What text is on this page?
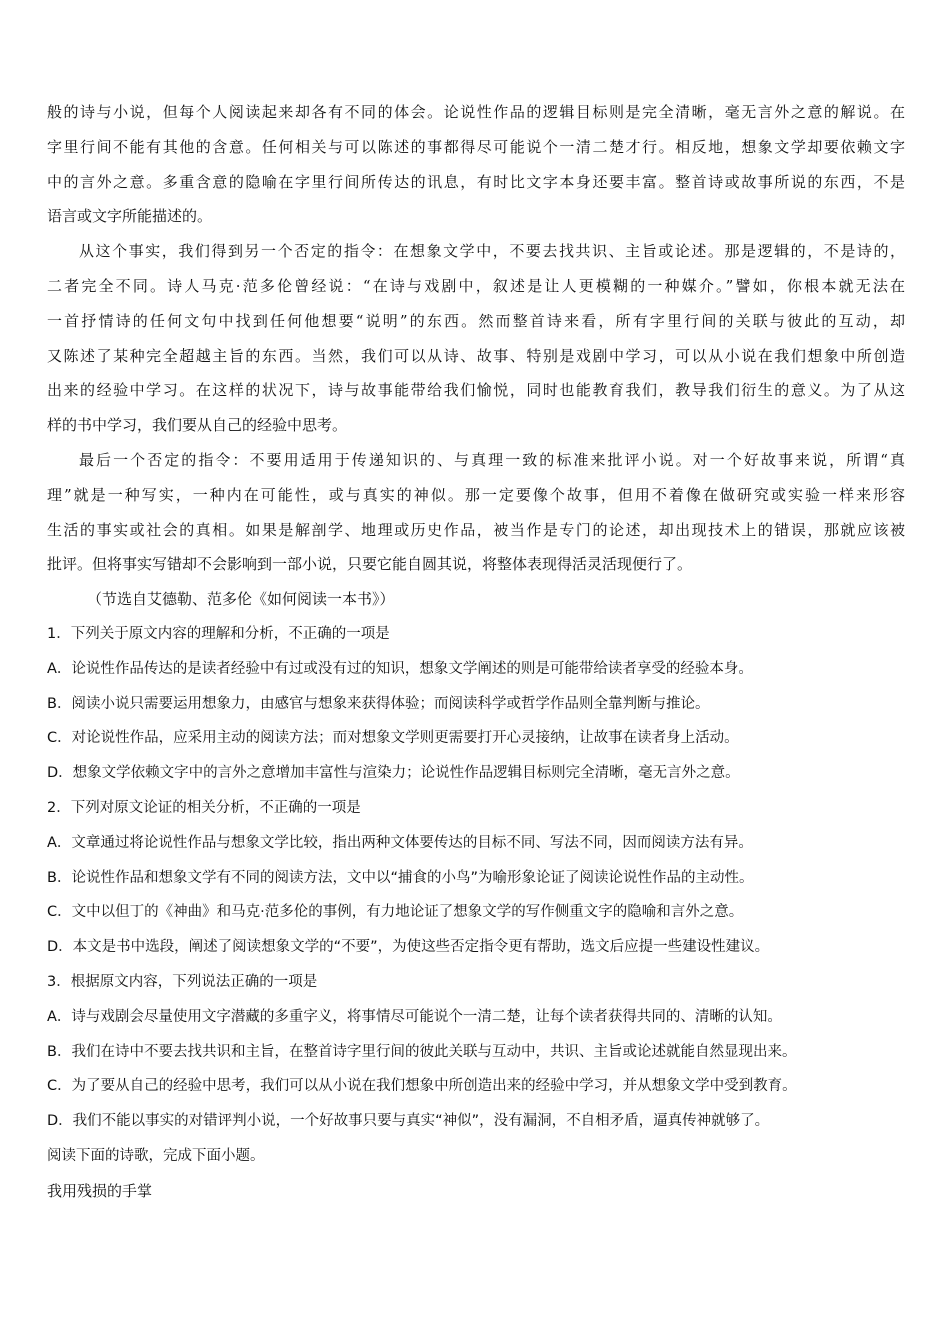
般的诗与小说，但每个人阅读起来却各有不同的体会。论说性作品的逻辑目标则是完全清晰，毫无言外之意的解说。在
字里行间不能有其他的含意。任何相关与可以陈述的事都得尽可能说个一清二楚才行。相反地，想象文学却要依赖文字
中的言外之意。多重含意的隐喻在字里行间所传达的讯息，有时比文字本身还要丰富。整首诗或故事所说的东西，不是
语言或文字所能描述的。
从这个事实，我们得到另一个否定的指令：在想象文学中，不要去找共识、主旨或论述。那是逻辑的，不是诗的，
二者完全不同。诗人马克·范多伦曾经说：“在诗与戏剧中，叙述是让人更模糊的一种媒介。”譬如，你根本就无法在
一首抒情诗的任何文句中找到任何他想要“说明”的东西。然而整首诗来看，所有字里行间的关联与彼此的互动，却
又陈述了某种完全超越主旨的东西。当然，我们可以从诗、故事、特别是戏剧中学习，可以从小说在我们想象中所创造
出来的经验中学习。在这样的状况下，诗与故事能带给我们愉悦，同时也能教育我们，教导我们衍生的意义。为了从这
样的书中学习，我们要从自己的经验中思考。
最后一个否定的指令：不要用适用于传递知识的、与真理一致的标准来批评小说。对一个好故事来说，所谓“真
理”就是一种写实，一种内在可能性，或与真实的神似。那一定要像个故事，但用不着像在做研究或实验一样来形容
生活的事实或社会的真相。如果是解剖学、地理或历史作品，被当作是专门的论述，却出现技术上的错误，那就应该被
批评。但将事实写错却不会影响到一部小说，只要它能自圆其说，将整体表现得活灵活现便行了。
（节选自艾德勒、范多伦《如何阅读一本书》）
1．下列关于原文内容的理解和分析，不正确的一项是
A．论说性作品传达的是读者经验中有过或没有过的知识，想象文学阐述的则是可能带给读者享受的经验本身。
B．阅读小说只需要运用想象力，由感官与想象来获得体验；而阅读科学或哲学作品则全靠判断与推论。
C．对论说性作品，应采用主动的阅读方法；而对想象文学则更需要打开心灵接纳，让故事在读者身上活动。
D．想象文学依赖文字中的言外之意增加丰富性与渲染力；论说性作品逻辑目标则完全清晰，毫无言外之意。
2．下列对原文论证的相关分析，不正确的一项是
A．文章通过将论说性作品与想象文学比较，指出两种文体要传达的目标不同、写法不同，因而阅读方法有异。
B．论说性作品和想象文学有不同的阅读方法，文中以“捕食的小鸟”为喻形象论证了阅读论说性作品的主动性。
C．文中以但丁的《神曲》和马克·范多伦的事例，有力地论证了想象文学的写作侧重文字的隐喻和言外之意。
D．本文是书中选段，阐述了阅读想象文学的“不要”，为使这些否定指令更有帮助，选文后应提一些建设性建议。
3．根据原文内容，下列说法正确的一项是
A．诗与戏剧会尽量使用文字潜藏的多重字义，将事情尽可能说个一清二楚，让每个读者获得共同的、清晰的认知。
B．我们在诗中不要去找共识和主旨，在整首诗字里行间的彼此关联与互动中，共识、主旨或论述就能自然显现出来。
C．为了要从自己的经验中思考，我们可以从小说在我们想象中所创造出来的经验中学习，并从想象文学中受到教育。
D．我们不能以事实的对错评判小说，一个好故事只要与真实“神似”，没有漏洞，不自相矛盾，逼真传神就够了。
阅读下面的诗歌，完成下面小题。
我用残损的手掌
